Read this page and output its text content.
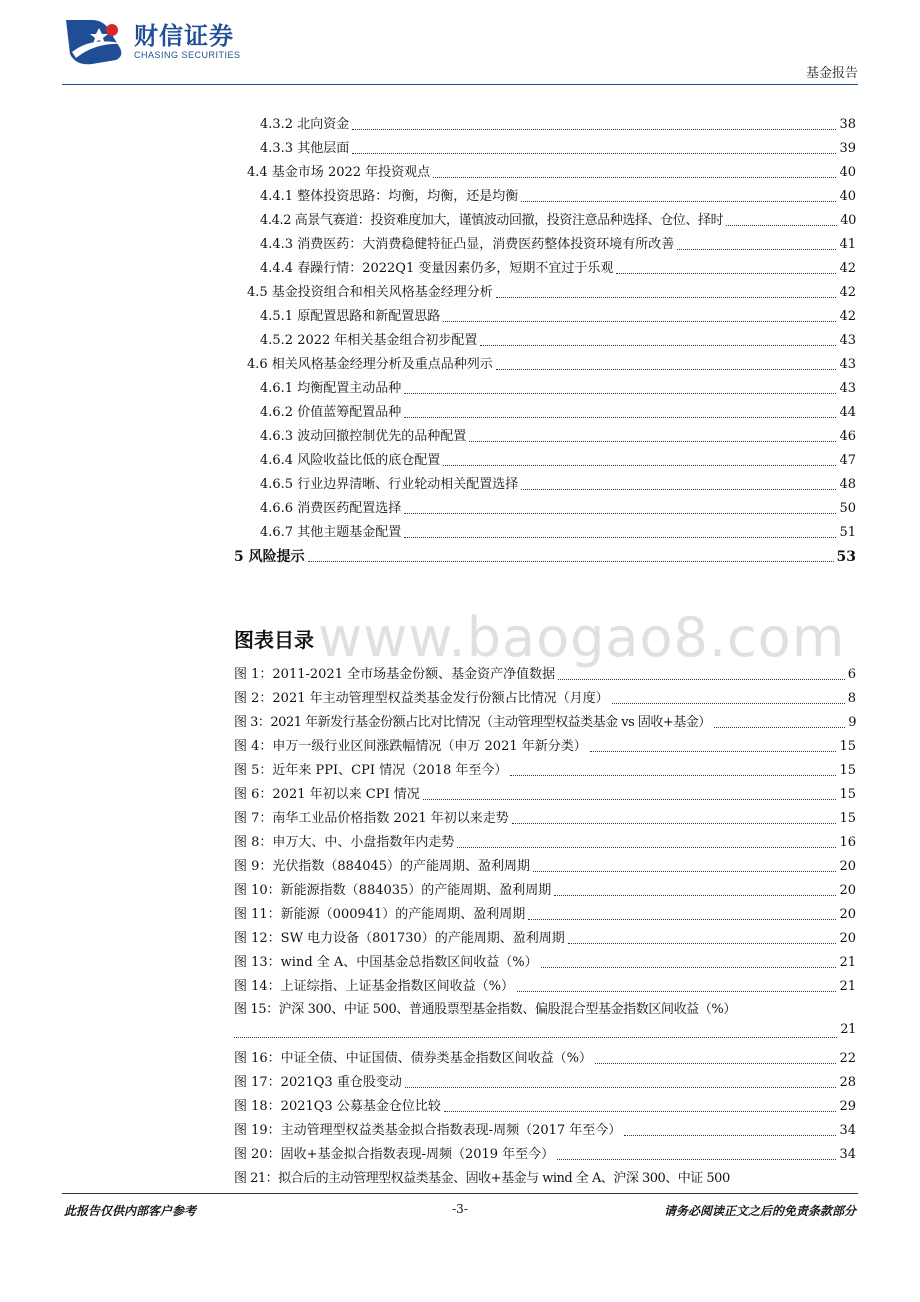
财信证券
CHASING SECURITIES
基金报告
4.3.2 北向资金	38
4.3.3 其他层面	39
4.4 基金市场 2022 年投资观点	40
4.4.1 整体投资思路：均衡，均衡，还是均衡	40
4.4.2 高景气赛道：投资难度加大，谨慎波动回撤，投资注意品种选择、仓位、择时	40
4.4.3 消费医药：大消费稳健特征凸显，消费医药整体投资环境有所改善	41
4.4.4 春躁行情：2022Q1 变量因素仍多，短期不宜过于乐观	42
4.5 基金投资组合和相关风格基金经理分析	42
4.5.1 原配置思路和新配置思路	42
4.5.2 2022 年相关基金组合初步配置	43
4.6 相关风格基金经理分析及重点品种列示	43
4.6.1 均衡配置主动品种	43
4.6.2 价值蓝筹配置品种	44
4.6.3 波动回撤控制优先的品种配置	46
4.6.4 风险收益比低的底仓配置	47
4.6.5 行业边界清晰、行业轮动相关配置选择	48
4.6.6 消费医药配置选择	50
4.6.7 其他主题基金配置	51
5 风险提示	53
www.baogao8.com
图表目录
图 1：2011-2021 全市场基金份额、基金资产净值数据	6
图 2：2021 年主动管理型权益类基金发行份额占比情况（月度）	8
图 3：2021 年新发行基金份额占比对比情况（主动管理型权益类基金 vs 固收+基金）	9
图 4：申万一级行业区间涨跌幅情况（申万 2021 年新分类）	15
图 5：近年来 PPI、CPI 情况（2018 年至今）	15
图 6：2021 年初以来 CPI 情况	15
图 7：南华工业品价格指数 2021 年初以来走势	15
图 8：申万大、中、小盘指数年内走势	16
图 9：光伏指数（884045）的产能周期、盈利周期	20
图 10：新能源指数（884035）的产能周期、盈利周期	20
图 11：新能源（000941）的产能周期、盈利周期	20
图 12：SW 电力设备（801730）的产能周期、盈利周期	20
图 13：wind 全 A、中国基金总指数区间收益（%）	21
图 14：上证综指、上证基金指数区间收益（%）	21
图 15：沪深 300、中证 500、普通股票型基金指数、偏股混合型基金指数区间收益（%）
21
图 16：中证全债、中证国债、债券类基金指数区间收益（%）	22
图 17：2021Q3 重仓股变动	28
图 18：2021Q3 公募基金仓位比较	29
图 19：主动管理型权益类基金拟合指数表现-周频（2017 年至今）	34
图 20：固收+基金拟合指数表现-周频（2019 年至今）	34
图 21：拟合后的主动管理型权益类基金、固收+基金与 wind 全 A、沪深 300、中证 500
此报告仅供内部客户参考	-3-	请务必阅读正文之后的免责条款部分
